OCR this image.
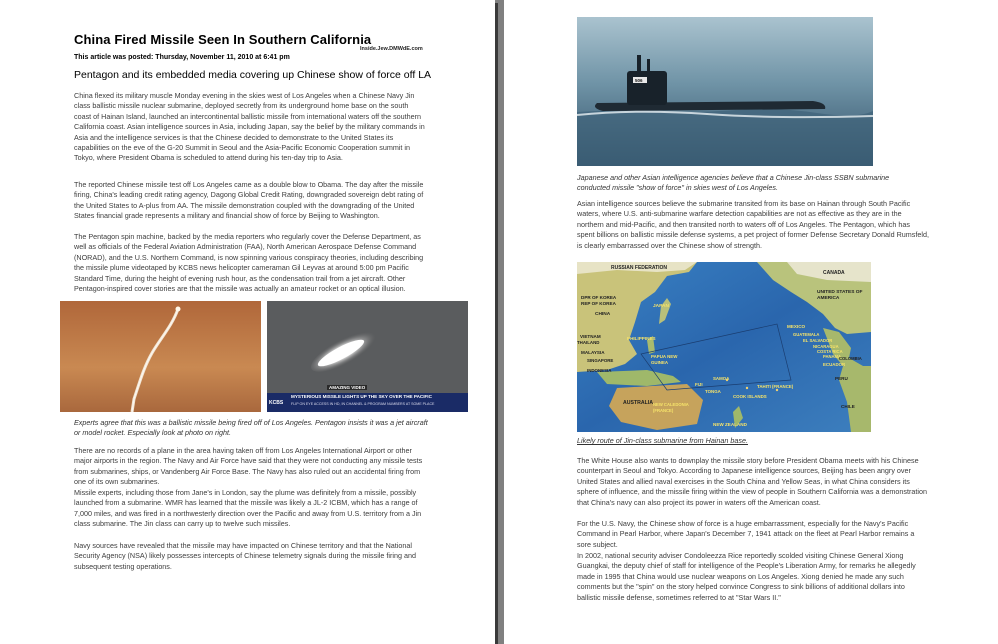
China Fired Missile Seen In Southern California
Inside.Jew.DMWdE.com
This article was posted: Thursday, November 11, 2010 at 6:41 pm
Pentagon and its embedded media covering up Chinese show of force off LA

China flexed its military muscle Monday evening in the skies west of Los Angeles when a Chinese Navy Jin class ballistic missile nuclear submarine, deployed secretly from its underground home base on the south coast of Hainan Island, launched an intercontinental ballistic missile from international waters off the southern California coast. Asian intelligence sources in Asia, including Japan, say the belief by the military commands in Asia and the intelligence services is that the Chinese decided to demonstrate to the United States its capabilities on the eve of the G-20 Summit in Seoul and the Asia-Pacific Economic Cooperation summit in Tokyo, where President Obama is scheduled to attend during his ten-day trip to Asia.

The reported Chinese missile test off Los Angeles came as a double blow to Obama. The day after the missile firing, China's leading credit rating agency, Dagong Global Credit Rating, downgraded sovereign debt rating of the United States to A-plus from AA. The missile demonstration coupled with the downgrading of the United States financial grade represents a military and financial show of force by Beijing to Washington.

The Pentagon spin machine, backed by the media reporters who regularly cover the Defense Department, as well as officials of the Federal Aviation Administration (FAA), North American Aerospace Defense Command (NORAD), and the U.S. Northern Command, is now spinning various conspiracy theories, including describing the missile plume videotaped by KCBS news helicopter cameraman Gil Leyvas at around 5:00 pm Pacific Standard Time, during the height of evening rush hour, as the condensation trail from a jet aircraft. Other Pentagon-inspired cover stories are that the missile was actually an amateur rocket or an optical illusion.

AMAZING VIDEO
MYSTERIOUS MISSILE LIGHTS UP THE SKY OVER THE PACIFIC
FLIP ON EYE ACCESS IN HD, IN CHANNEL & PROGRAM NUMBERS AT SOME PLACE
KCBS
Experts agree that this was a ballistic missile being fired off of Los Angeles. Pentagon insists it was a jet aircraft or model rocket. Especially look at photo on right.

There are no records of a plane in the area having taken off from Los Angeles International Airport or other major airports in the region. The Navy and Air Force have said that they were not conducting any missile tests from submarines, ships, or Vandenberg Air Force Base. The Navy has also ruled out an accidental firing from one of its own submarines.

Missile experts, including those from Jane's in London, say the plume was definitely from a missile, possibly launched from a submarine. WMR has learned that the missile was likely a JL-2 ICBM, which has a range of 7,000 miles, and was fired in a northwesterly direction over the Pacific and away from U.S. territory from a Jin class submarine. The Jin class can carry up to twelve such missiles.

Navy sources have revealed that the missile may have impacted on Chinese territory and that the National Security Agency (NSA) likely possesses intercepts of Chinese telemetry signals during the missile firing and subsequent testing operations.

506
Japanese and other Asian intelligence agencies believe that a Chinese Jin-class SSBN submarine conducted missile "show of force" in skies west of Los Angeles.

Asian intelligence sources believe the submarine transited from its base on Hainan through South Pacific waters, where U.S. anti-submarine warfare detection capabilities are not as effective as they are in the northern and mid-Pacific, and then transited north to waters off of Los Angeles. The Pentagon, which has spent billions on ballistic missile defense systems, a pet project of former Defense Secretary Donald Rumsfeld, is clearly embarrassed over the Chinese show of strength.

RUSSIAN FEDERATION
CANADA
UNITED STATES OF AMERICA
DPR OF KOREA
REP OF KOREA
CHINA
JAPAN
VIETNAM
THAILAND
MALAYSIA
SINGAPORE
INDONESIA
PHILIPPINES
PAPUA NEW GUINEA
AUSTRALIA
MEXICO
GUATEMALA
EL SALVADOR
NICARAGUA
COSTA RICA
PANAMA
COLOMBIA
ECUADOR
PERU
CHILE
SAMOA
FIJI
TONGA
COOK ISLANDS
TAHITI (FRANCE)
NEW CALEDONIA (FRANCE)
NEW ZEALAND
Likely route of Jin-class submarine from Hainan base.

The White House also wants to downplay the missile story before President Obama meets with his Chinese counterpart in Seoul and Tokyo. According to Japanese intelligence sources, Beijing has been angry over United States and allied naval exercises in the South China and Yellow Seas, in what China considers its sphere of influence, and the missile firing within the view of people in Southern California was a demonstration that China's navy can also project its power in waters off the American coast.

For the U.S. Navy, the Chinese show of force is a huge embarrassment, especially for the Navy's Pacific Command in Pearl Harbor, where Japan's December 7, 1941 attack on the fleet at Pearl Harbor remains a sore subject.

In 2002, national security adviser Condoleezza Rice reportedly scolded visiting Chinese General Xiong Guangkai, the deputy chief of staff for intelligence of the People's Liberation Army, for remarks he allegedly made in 1995 that China would use nuclear weapons on Los Angeles. Xiong denied he made any such comments but the "spin" on the story helped convince Congress to sink billions of additional dollars into ballistic missile defense, sometimes referred to at "Star Wars II."
